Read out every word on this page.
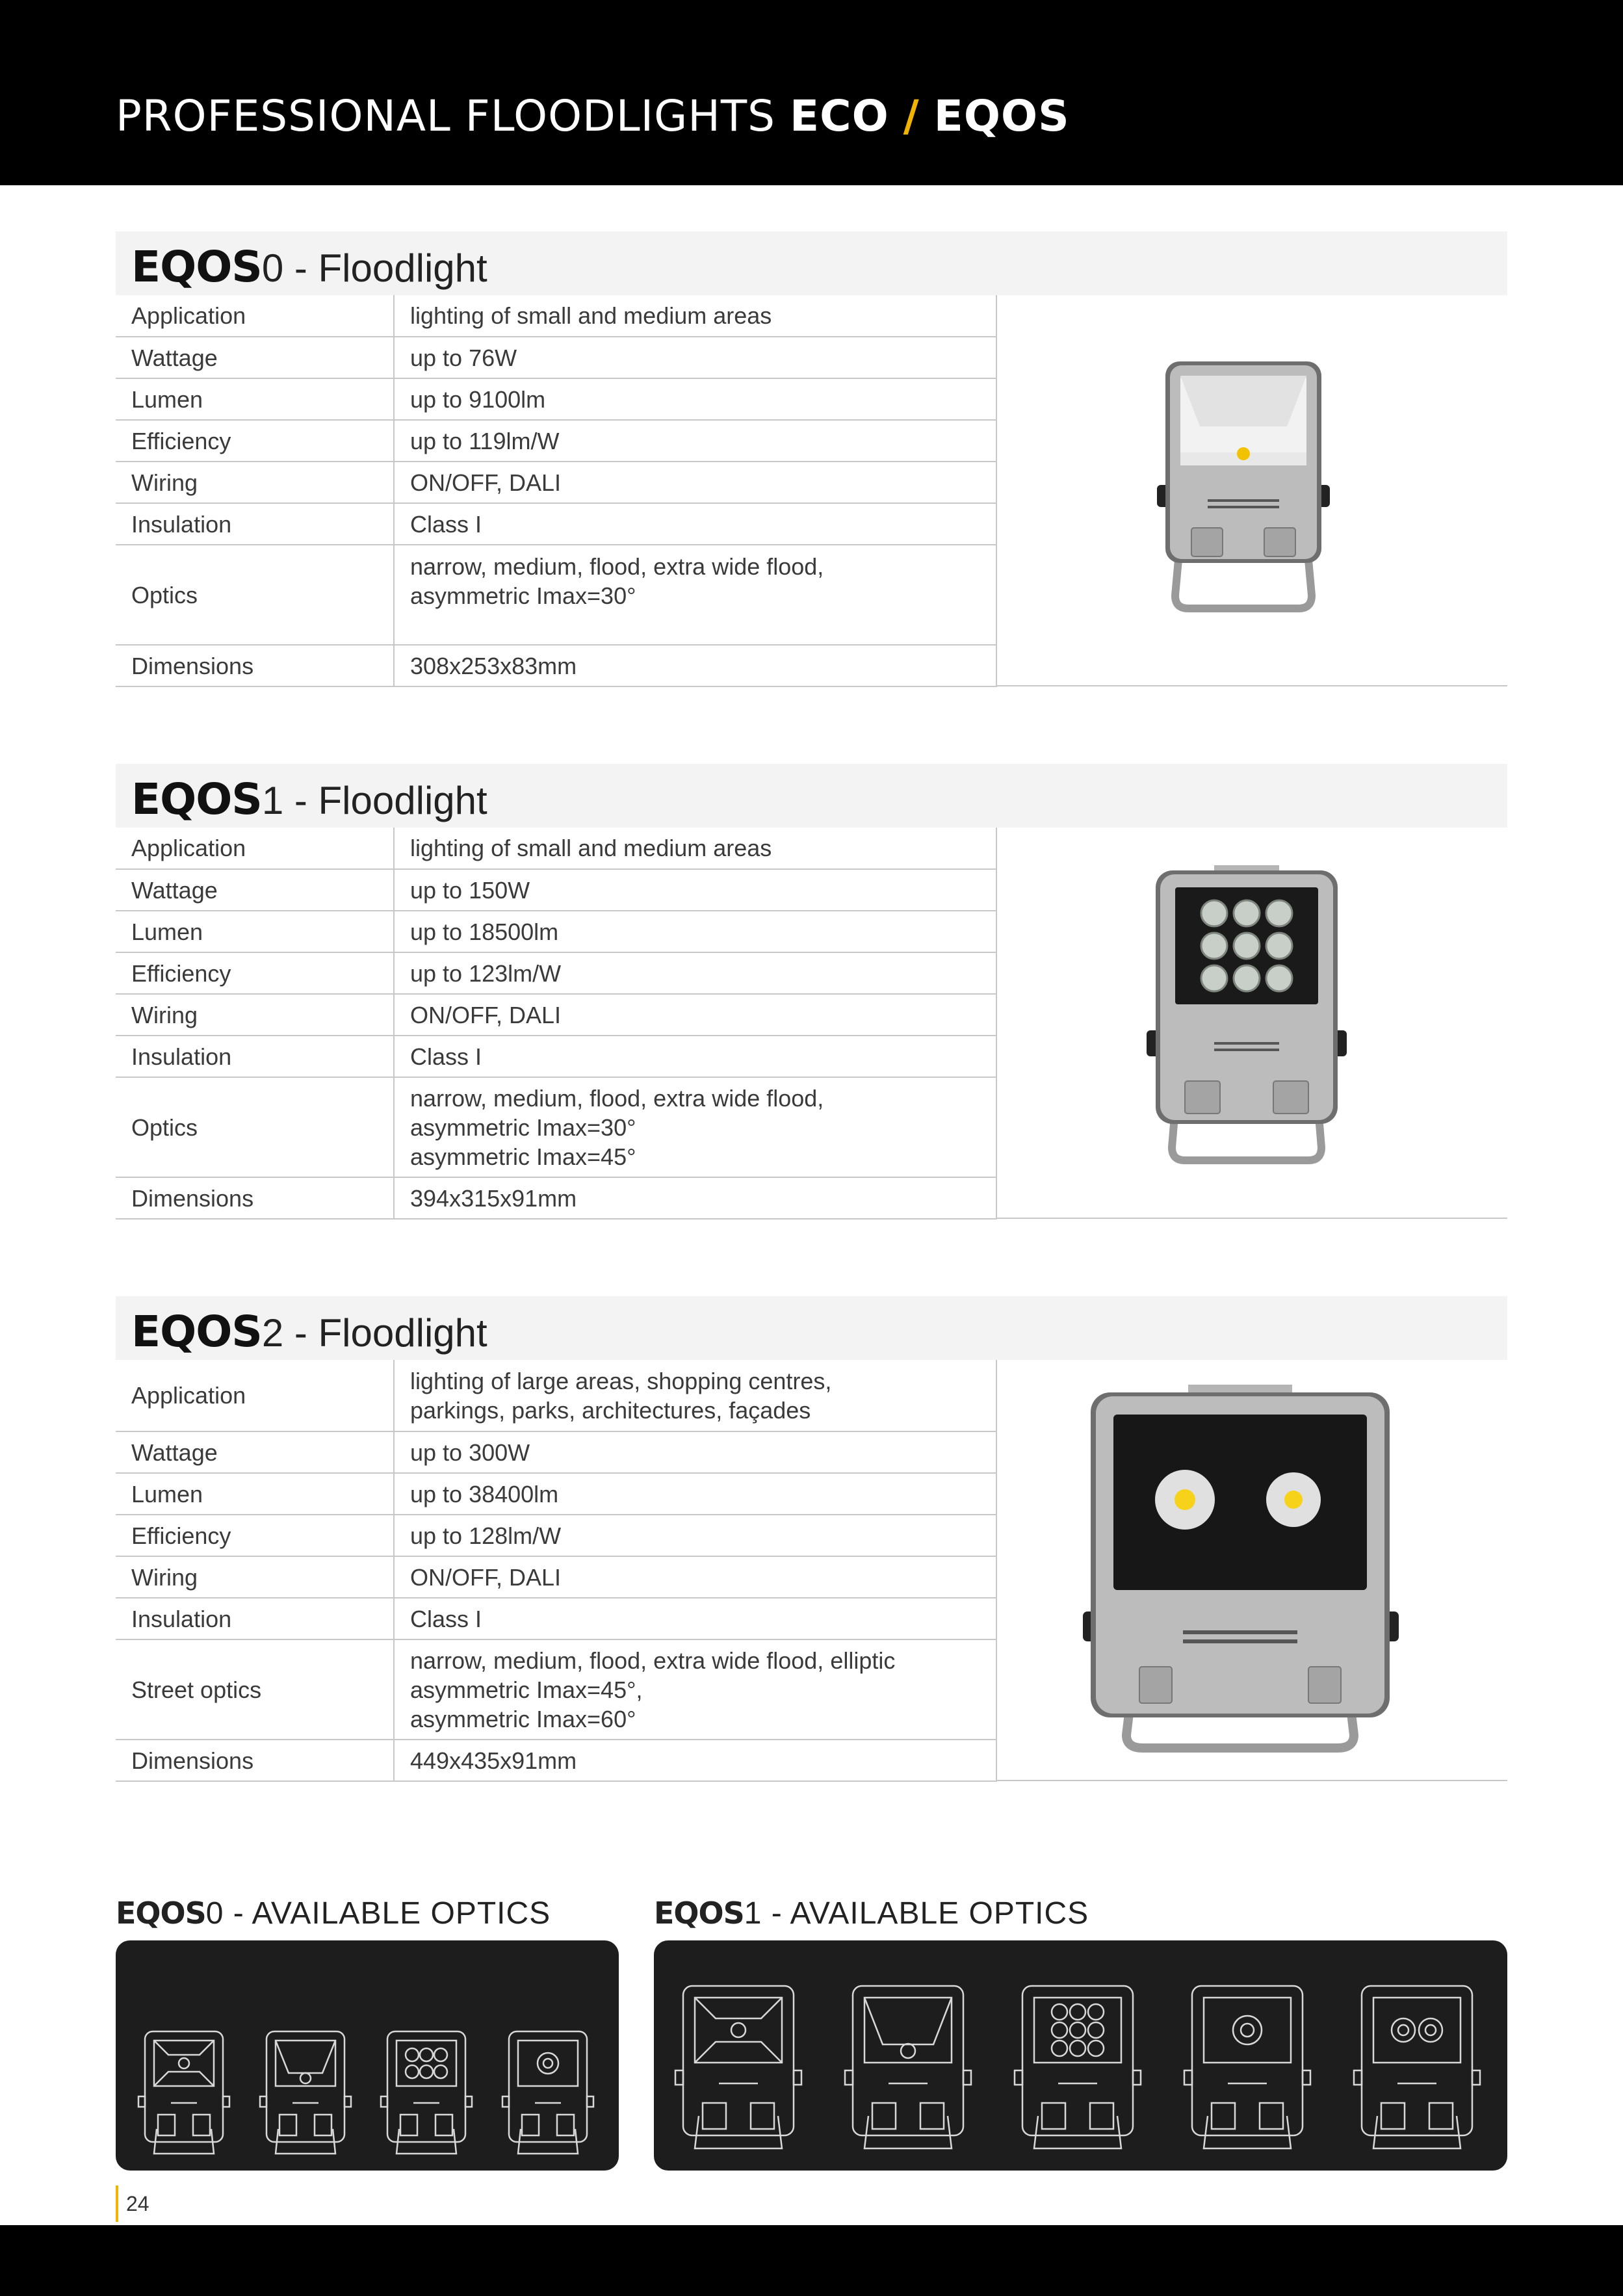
PROFESSIONAL FLOODLIGHTS ECO / EQOS
EQOS0 - Floodlight
Application	lighting of small and medium areas
Wattage	up to 76W
Lumen	up to 9100lm
Efficiency	up to 119lm/W
Wiring	ON/OFF, DALI
Insulation	Class I
Optics	narrow, medium, flood, extra wide flood,
asymmetric Imax=30°
Dimensions	308x253x83mm
EQOS1 - Floodlight
Application	lighting of small and medium areas
Wattage	up to 150W
Lumen	up to 18500lm
Efficiency	up to 123lm/W
Wiring	ON/OFF, DALI
Insulation	Class I
Optics	narrow, medium, flood, extra wide flood,
asymmetric Imax=30°
asymmetric Imax=45°
Dimensions	394x315x91mm
EQOS2 - Floodlight
Application	lighting of large areas, shopping centres,
parkings, parks, architectures, façades
Wattage	up to 300W
Lumen	up to 38400lm
Efficiency	up to 128lm/W
Wiring	ON/OFF, DALI
Insulation	Class I
Street optics	narrow, medium, flood, extra wide flood, elliptic
asymmetric Imax=45°,
asymmetric Imax=60°
Dimensions	449x435x91mm
EQOS0 - AVAILABLE OPTICS	EQOS1 - AVAILABLE OPTICS
24
